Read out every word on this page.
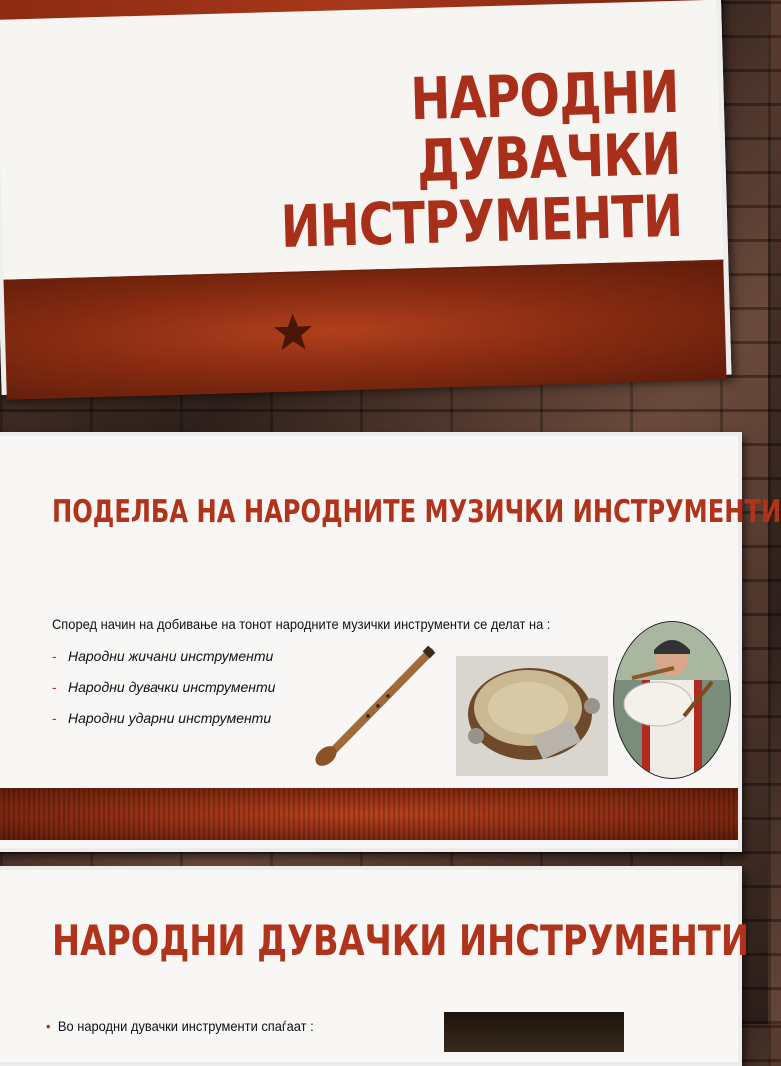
НАРОДНИ ДУВАЧКИ ИНСТРУМЕНТИ
ПОДЕЛБА НА НАРОДНИТЕ МУЗИЧКИ ИНСТРУМЕНТИ
Според начин на добивање на тонот народните музички инструменти се делат на :
- Народни жичани инструменти
- Народни дувачки инструменти
- Народни ударни инструменти
НАРОДНИ ДУВАЧКИ ИНСТРУМЕНТИ
• Во народни дувачки инструменти спаѓаат :
